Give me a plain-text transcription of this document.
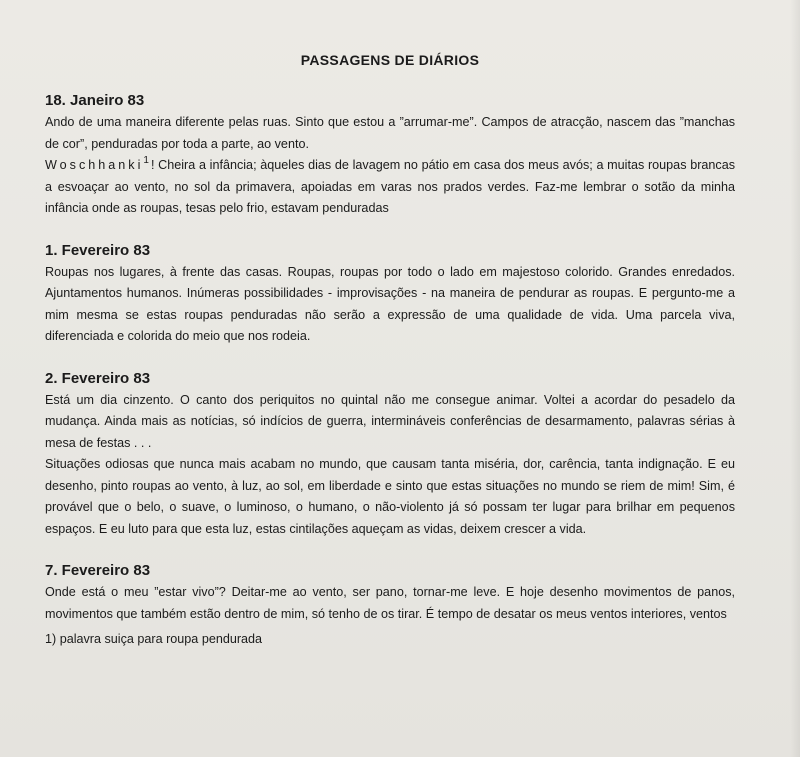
PASSAGENS DE DIÁRIOS

18. Janeiro 83

Ando de uma maneira diferente pelas ruas. Sinto que estou a ”arrumar-me”. Campos de atracção, nascem das ”manchas de cor”, penduradas por toda a parte, ao vento.

Woschhanki$^1$ ! Cheira a infância; àqueles dias de lavagem no pátio em casa dos meus avós; a muitas roupas brancas a esvoaçar ao vento, no sol da primavera, apoiadas em varas nos prados verdes. Faz-me lembrar o sotão da minha infância onde as roupas, tesas pelo frio, estavam penduradas

1. Fevereiro 83

Roupas nos lugares, à frente das casas. Roupas, roupas por todo o lado em majestoso colorido. Grandes enredados. Ajuntamentos humanos. Inúmeras possibilidades - improvisações - na maneira de pendurar as roupas. E pergunto-me a mim mesma se estas roupas penduradas não serão a expressão de uma qualidade de vida. Uma parcela viva, diferenciada e colorida do meio que nos rodeia.

2. Fevereiro 83

Está um dia cinzento. O canto dos periquitos no quintal não me consegue animar. Voltei a acordar do pesadelo da mudança. Ainda mais as notícias, só indícios de guerra, intermináveis conferências de desarmamento, palavras sérias à mesa de festas . . .

Situações odiosas que nunca mais acabam no mundo, que causam tanta miséria, dor, carência, tanta indignação. E eu desenho, pinto roupas ao vento, à luz, ao sol, em liberdade e sinto que estas situações no mundo se riem de mim! Sim, é provável que o belo, o suave, o luminoso, o humano, o não-violento já só possam ter lugar para brilhar em pequenos espaços. E eu luto para que esta luz, estas cintilações aqueçam as vidas, deixem crescer a vida.

7. Fevereiro 83

Onde está o meu ”estar vivo”? Deitar-me ao vento, ser pano, tornar-me leve. E hoje desenho movimentos de panos, movimentos que também estão dentro de mim, só tenho de os tirar. É tempo de desatar os meus ventos interiores, ventos

1) palavra suiça para roupa pendurada
